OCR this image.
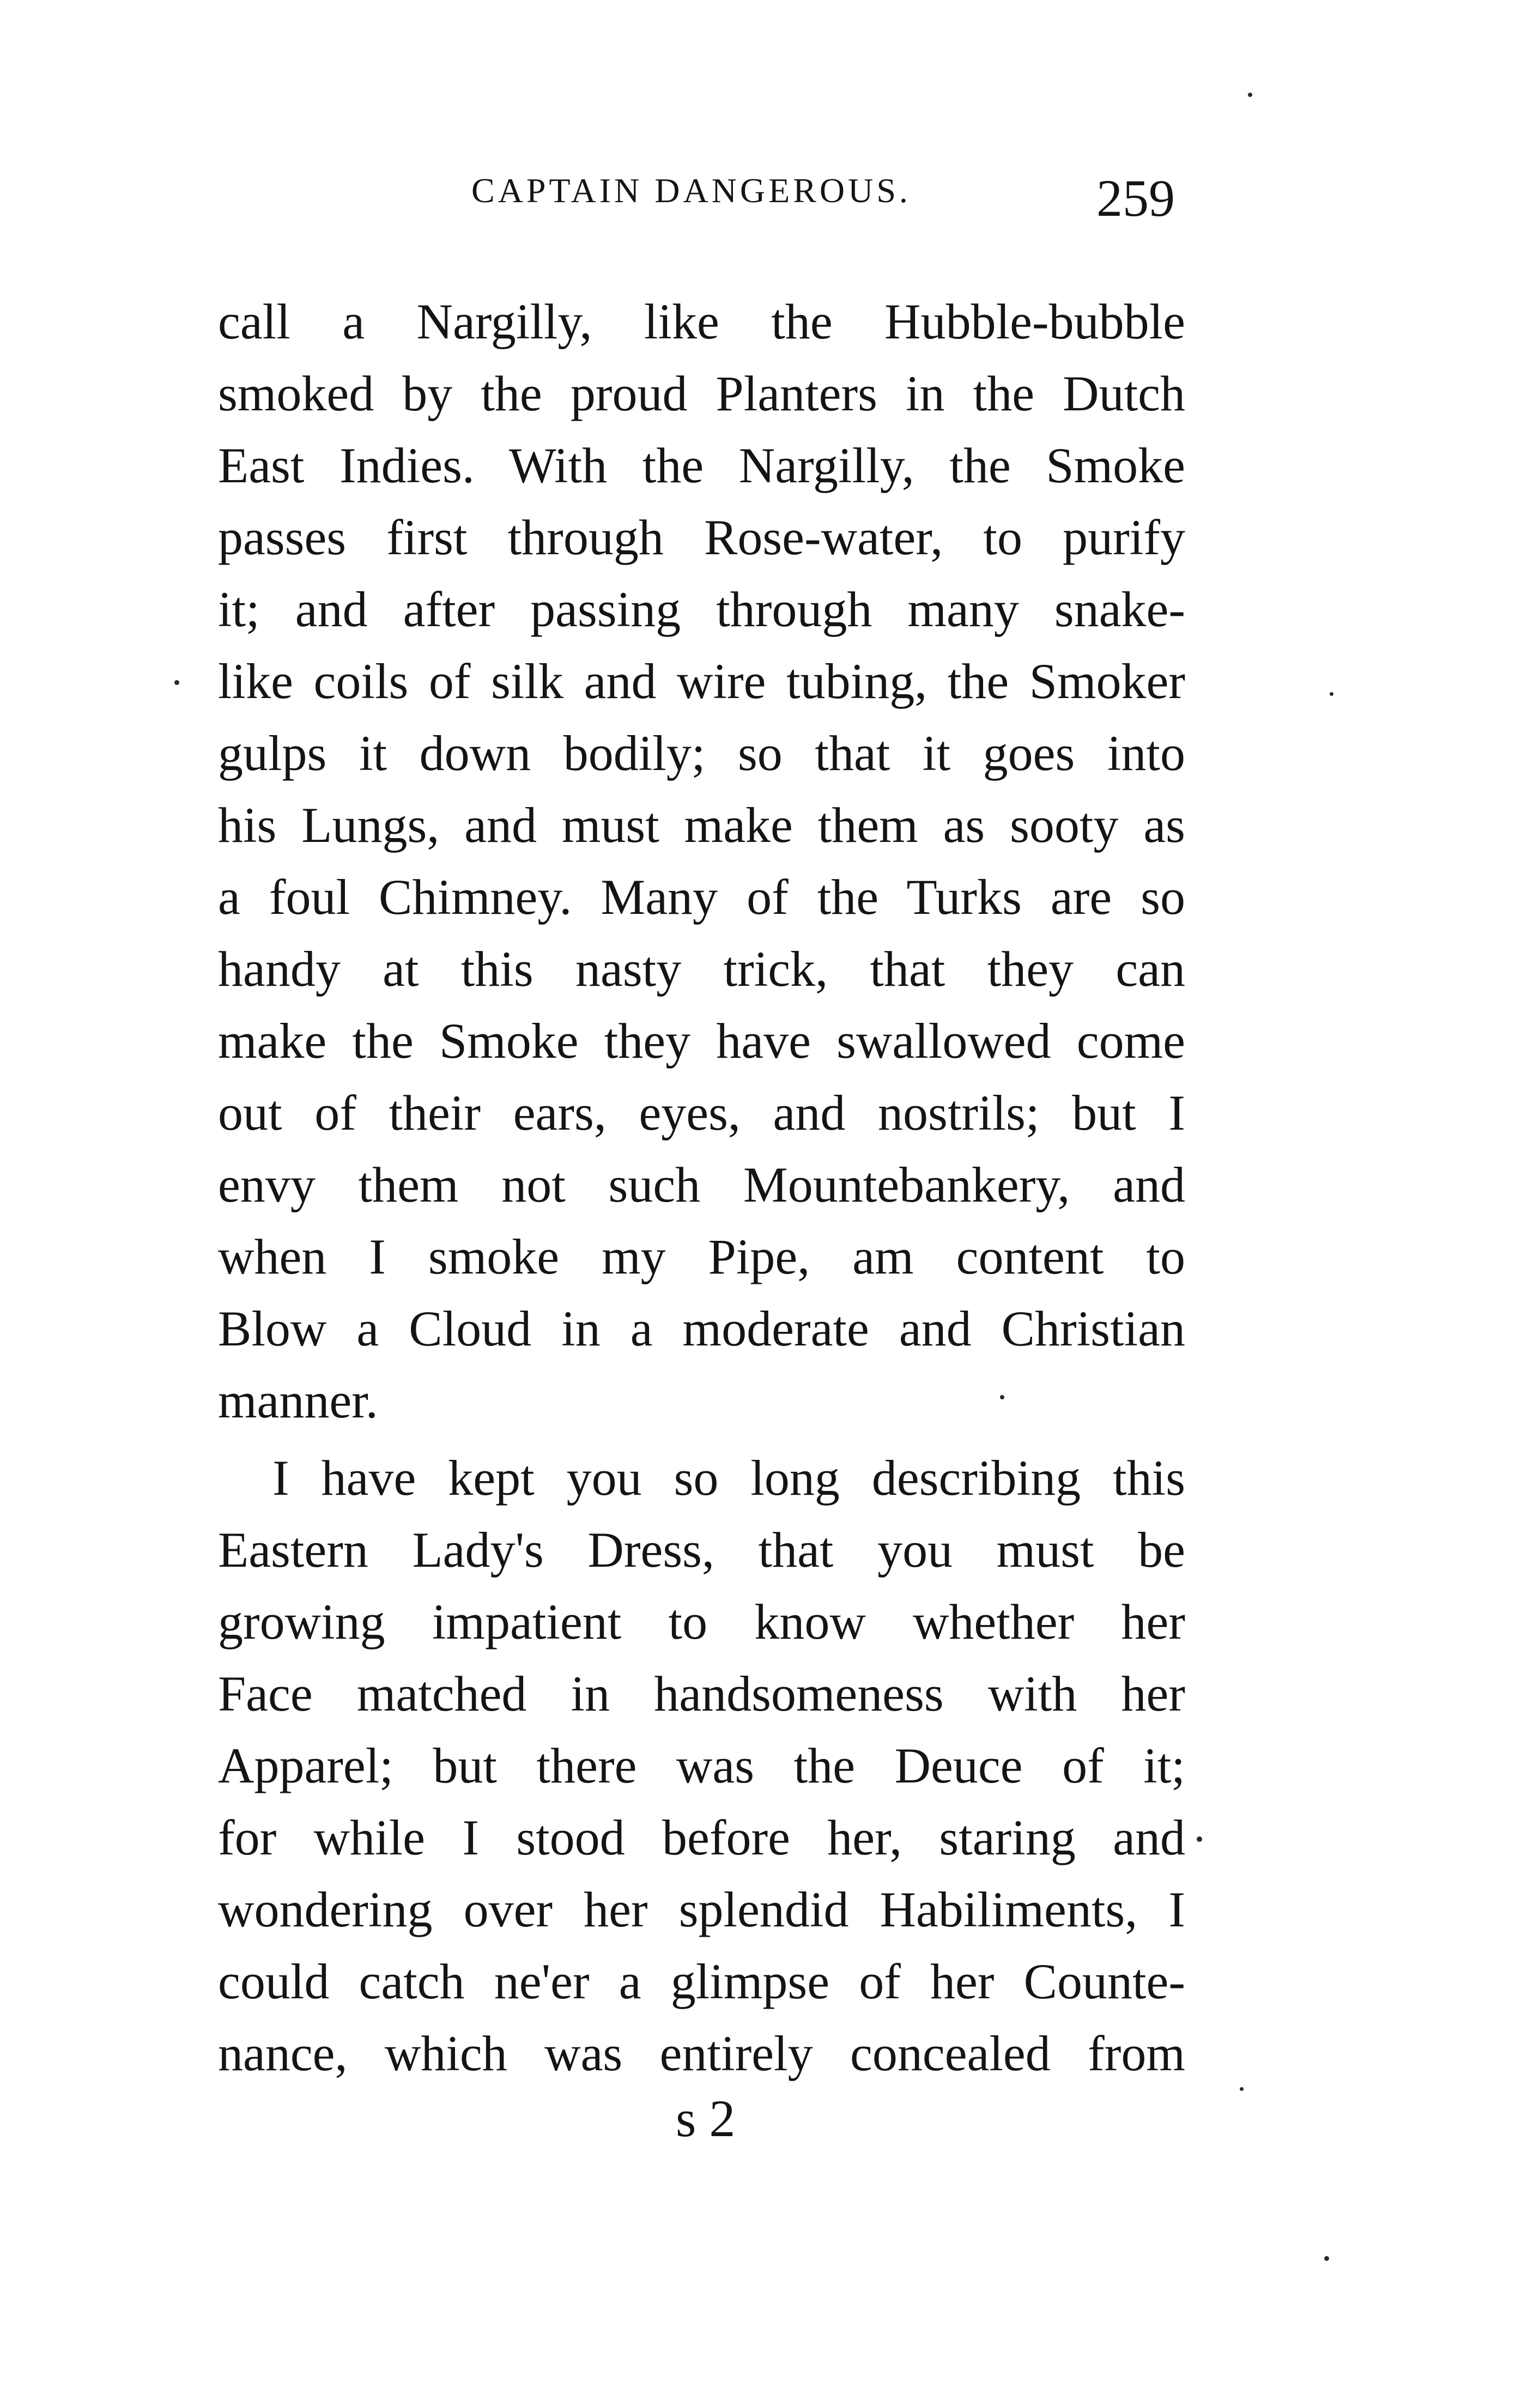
CAPTAIN DANGEROUS.	259
call a Nargilly, like the Hubble-bubble
smoked by the proud Planters in the Dutch
East Indies. With the Nargilly, the Smoke
passes first through Rose-water, to purify
it; and after passing through many snake-
like coils of silk and wire tubing, the Smoker
gulps it down bodily; so that it goes into
his Lungs, and must make them as sooty as
a foul Chimney. Many of the Turks are so
handy at this nasty trick, that they can
make the Smoke they have swallowed come
out of their ears, eyes, and nostrils; but I
envy them not such Mountebankery, and
when I smoke my Pipe, am content to
Blow a Cloud in a moderate and Christian
manner.
I have kept you so long describing this
Eastern Lady's Dress, that you must be
growing impatient to know whether her
Face matched in handsomeness with her
Apparel; but there was the Deuce of it;
for while I stood before her, staring and
wondering over her splendid Habiliments, I
could catch ne'er a glimpse of her Counte-
nance, which was entirely concealed from
s 2
